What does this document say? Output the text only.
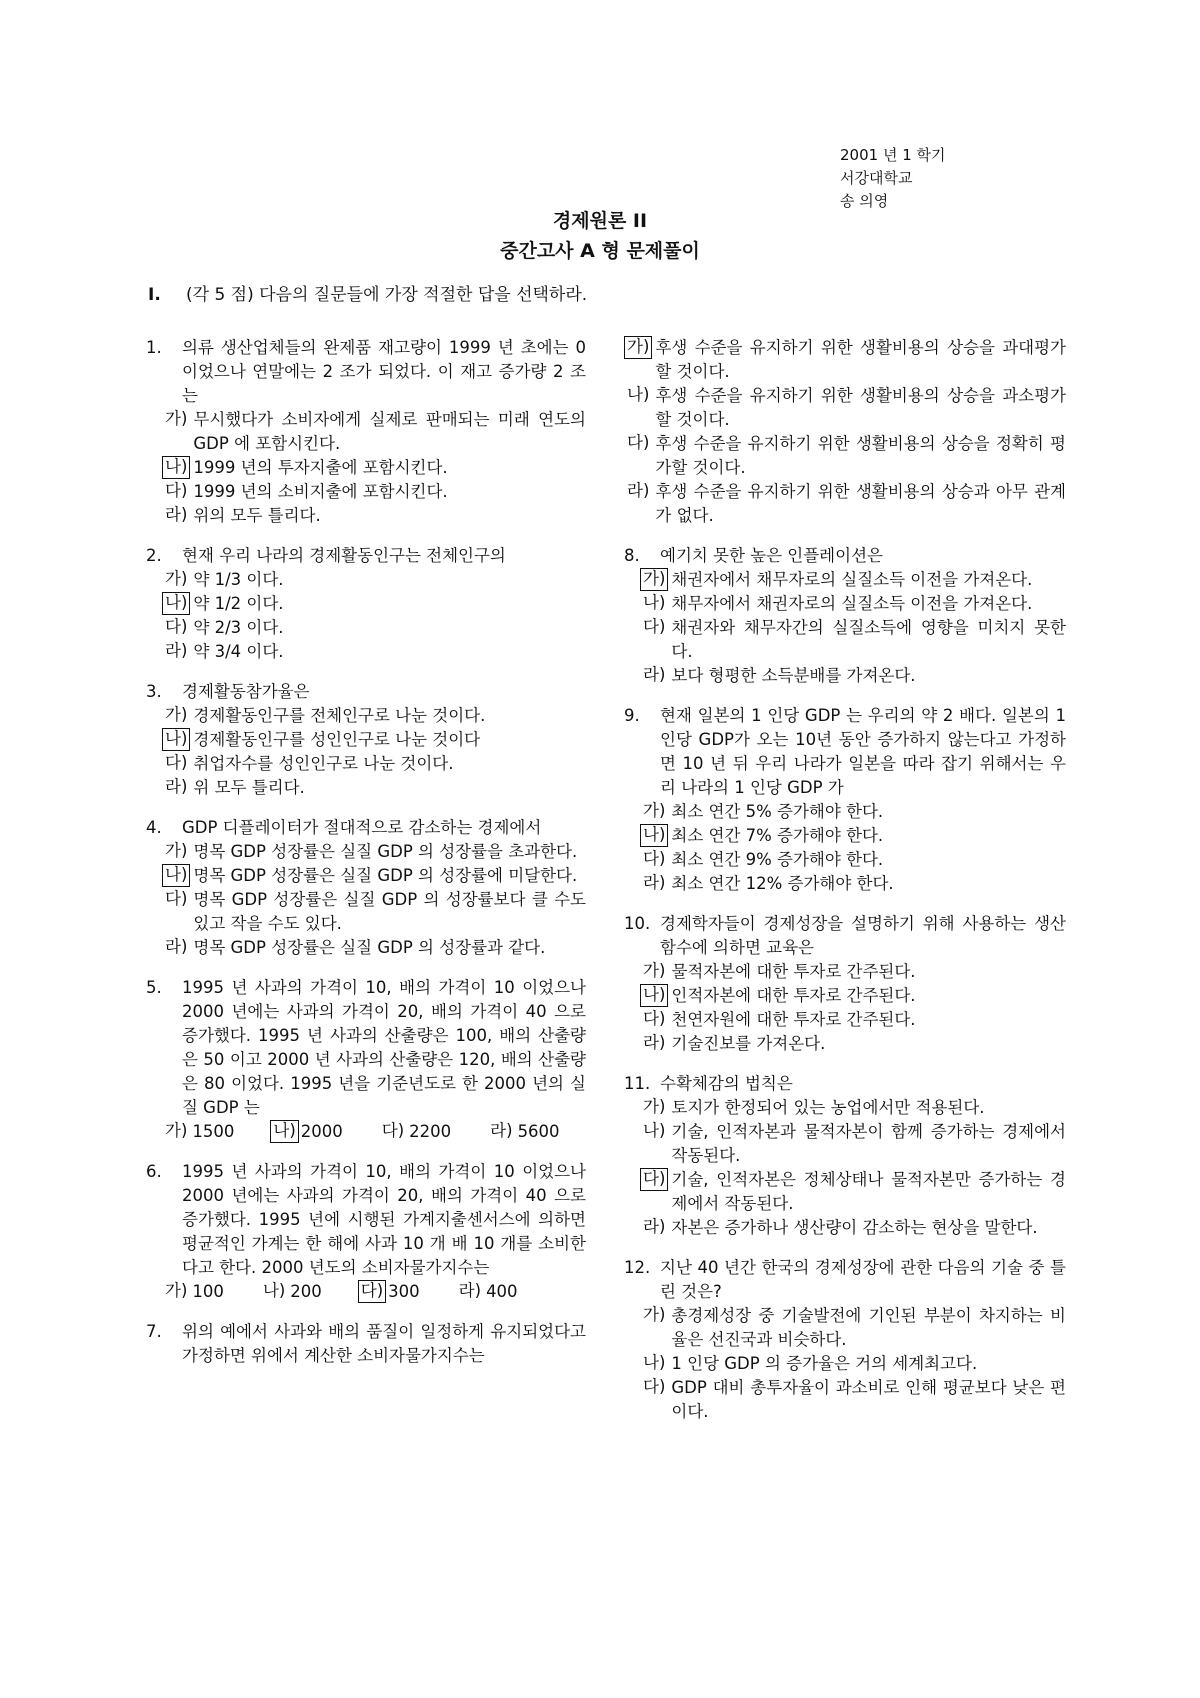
2001 년 1 학기
서강대학교
송 의영
경제원론 II
중간고사 A 형 문제풀이
I. (각 5 점) 다음의 질문들에 가장 적절한 답을 선택하라.
1.	의류 생산업체들의 완제품 재고량이 1999 년 초에는 0 이었으나 연말에는 2 조가 되었다. 이 재고 증가량 2 조는
가) 무시했다가 소비자에게 실제로 판매되는 미래 연도의 GDP 에 포함시킨다.
나) 1999 년의 투자지출에 포함시킨다.
다) 1999 년의 소비지출에 포함시킨다.
라) 위의 모두 틀리다.
2.	현재 우리 나라의 경제활동인구는 전체인구의
가) 약 1/3 이다.
나) 약 1/2 이다.
다) 약 2/3 이다.
라) 약 3/4 이다.
3.	경제활동참가율은
가) 경제활동인구를 전체인구로 나눈 것이다.
나) 경제활동인구를 성인인구로 나눈 것이다
다) 취업자수를 성인인구로 나눈 것이다.
라) 위 모두 틀리다.
4.	GDP 디플레이터가 절대적으로 감소하는 경제에서
가) 명목 GDP 성장률은 실질 GDP 의 성장률을 초과한다.
나) 명목 GDP 성장률은 실질 GDP 의 성장률에 미달한다.
다) 명목 GDP 성장률은 실질 GDP 의 성장률보다 클 수도 있고 작을 수도 있다.
라) 명목 GDP 성장률은 실질 GDP 의 성장률과 같다.
5.	1995 년 사과의 가격이 10, 배의 가격이 10 이었으나 2000 년에는 사과의 가격이 20, 배의 가격이 40 으로 증가했다. 1995 년 사과의 산출량은 100, 배의 산출량은 50 이고 2000 년 사과의 산출량은 120, 배의 산출량은 80 이었다. 1995 년을 기준년도로 한 2000 년의 실질 GDP 는
가) 1500 나) 2000 다) 2200 라) 5600
6.	1995 년 사과의 가격이 10, 배의 가격이 10 이었으나 2000 년에는 사과의 가격이 20, 배의 가격이 40 으로 증가했다. 1995 년에 시행된 가계지출센서스에 의하면 평균적인 가계는 한 해에 사과 10 개 배 10 개를 소비한다고 한다. 2000 년도의 소비자물가지수는
가) 100 나) 200 다) 300 라) 400
7.	위의 예에서 사과와 배의 품질이 일정하게 유지되었다고 가정하면 위에서 계산한 소비자물가지수는
가) 후생 수준을 유지하기 위한 생활비용의 상승을 과대평가할 것이다.
나) 후생 수준을 유지하기 위한 생활비용의 상승을 과소평가할 것이다.
다) 후생 수준을 유지하기 위한 생활비용의 상승을 정확히 평가할 것이다.
라) 후생 수준을 유지하기 위한 생활비용의 상승과 아무 관계가 없다.
8.	예기치 못한 높은 인플레이션은
가) 채권자에서 채무자로의 실질소득 이전을 가져온다.
나) 채무자에서 채권자로의 실질소득 이전을 가져온다.
다) 채권자와 채무자간의 실질소득에 영향을 미치지 못한다.
라) 보다 형평한 소득분배를 가져온다.
9.	현재 일본의 1 인당 GDP 는 우리의 약 2 배다. 일본의 1인당 GDP가 오는 10년 동안 증가하지 않는다고 가정하면 10 년 뒤 우리 나라가 일본을 따라 잡기 위해서는 우리 나라의 1 인당 GDP 가
가) 최소 연간 5% 증가해야 한다.
나) 최소 연간 7% 증가해야 한다.
다) 최소 연간 9% 증가해야 한다.
라) 최소 연간 12% 증가해야 한다.
10. 경제학자들이 경제성장을 설명하기 위해 사용하는 생산함수에 의하면 교육은
가) 물적자본에 대한 투자로 간주된다.
나) 인적자본에 대한 투자로 간주된다.
다) 천연자원에 대한 투자로 간주된다.
라) 기술진보를 가져온다.
11. 수확체감의 법칙은
가) 토지가 한정되어 있는 농업에서만 적용된다.
나) 기술, 인적자본과 물적자본이 함께 증가하는 경제에서 작동된다.
다) 기술, 인적자본은 정체상태나 물적자본만 증가하는 경제에서 작동된다.
라) 자본은 증가하나 생산량이 감소하는 현상을 말한다.
12. 지난 40 년간 한국의 경제성장에 관한 다음의 기술 중 틀린 것은?
가) 총경제성장 중 기술발전에 기인된 부분이 차지하는 비율은 선진국과 비슷하다.
나) 1 인당 GDP 의 증가율은 거의 세계최고다.
다) GDP 대비 총투자율이 과소비로 인해 평균보다 낮은 편이다.
